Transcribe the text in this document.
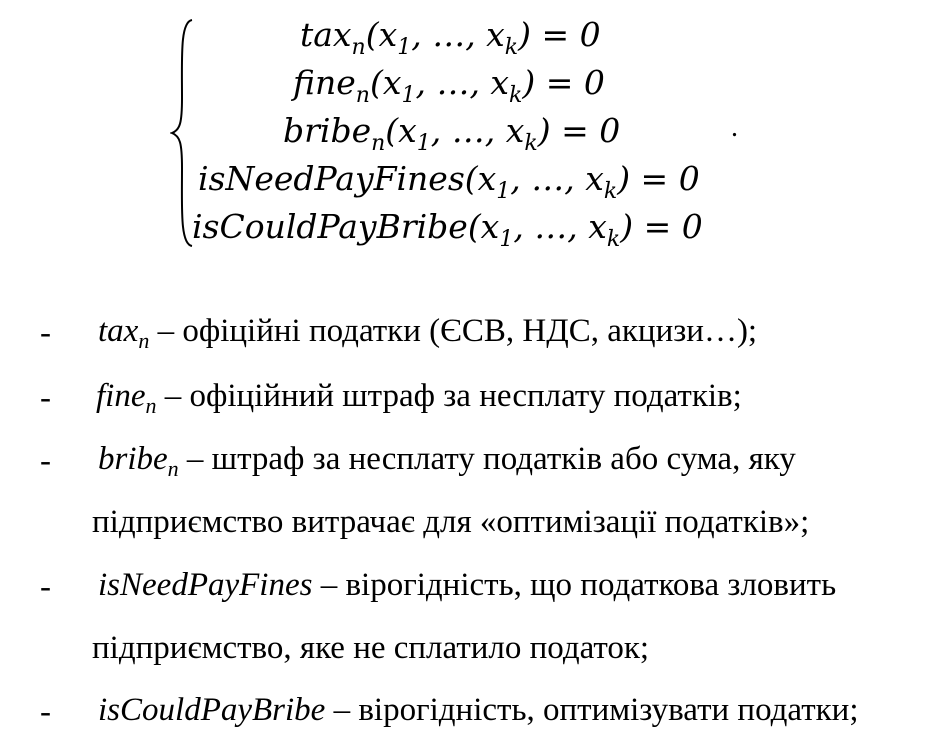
$tax_n(x_1$, …, $x_k) = 0$
$fine_n(x_1$, …, $x_k) = 0$
$bribe_n(x_1$, …, $x_k) = 0$
$isNeedPayFines(x_1$, …, $x_k) = 0$
$isCouldPayBribe(x_1$, …, $x_k) = 0$
.
- tax$_n$ – офіційні податки (ЄСВ, НДС, акцизи…);
- fine$_n$ – офіційний штраф за несплату податків;
- bribe$_n$ – штраф за несплату податків або сума, яку
підприємство витрачає для «оптимізації податків»;
- isNeedPayFines – вірогідність, що податкова зловить
підприємство, яке не сплатило податок;
- isCouldPayBribe – вірогідність, оптимізувати податки;
